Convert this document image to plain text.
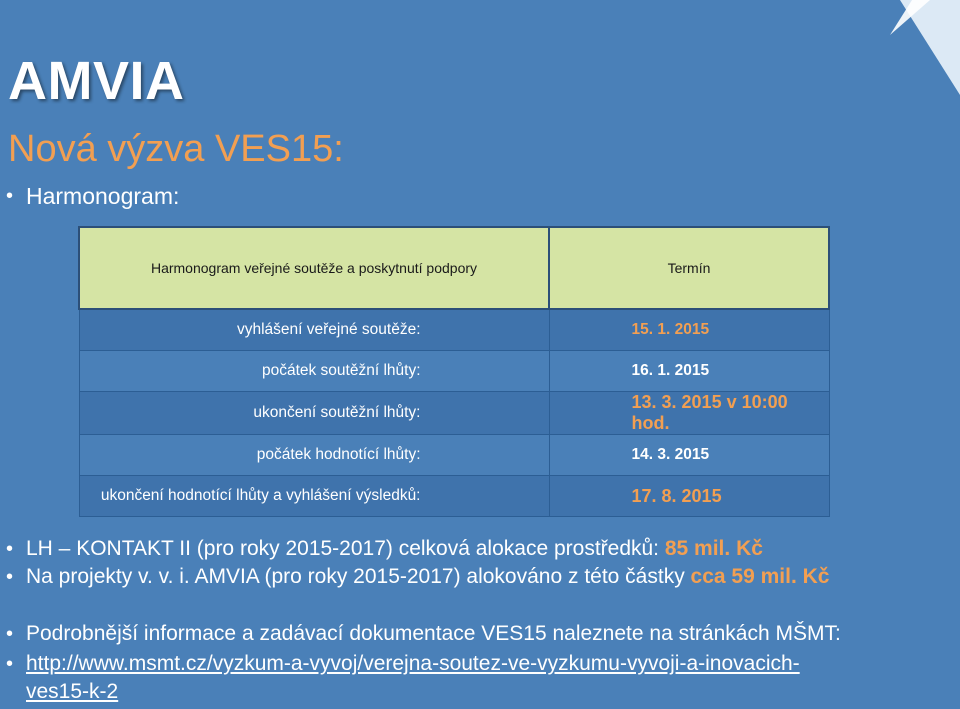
AMVIA
Nová výzva VES15:
• Harmonogram:
Harmonogram veřejné soutěže a poskytnutí podpory	Termín
vyhlášení veřejné soutěže:	15. 1. 2015
počátek soutěžní lhůty:	16. 1. 2015
ukončení soutěžní lhůty:	13. 3. 2015 v 10:00 hod.
počátek hodnotící lhůty:	14. 3. 2015
ukončení hodnotící lhůty a vyhlášení výsledků:	17. 8. 2015
• LH – KONTAKT II (pro roky 2015-2017) celková alokace prostředků: 85 mil. Kč
• Na projekty v. v. i. AMVIA (pro roky 2015-2017) alokováno z této částky cca 59 mil. Kč
• Podrobnější informace a zadávací dokumentace VES15 naleznete na stránkách MŠMT:
• http://www.msmt.cz/vyzkum-a-vyvoj/verejna-soutez-ve-vyzkumu-vyvoji-a-inovacich-
ves15-k-2
